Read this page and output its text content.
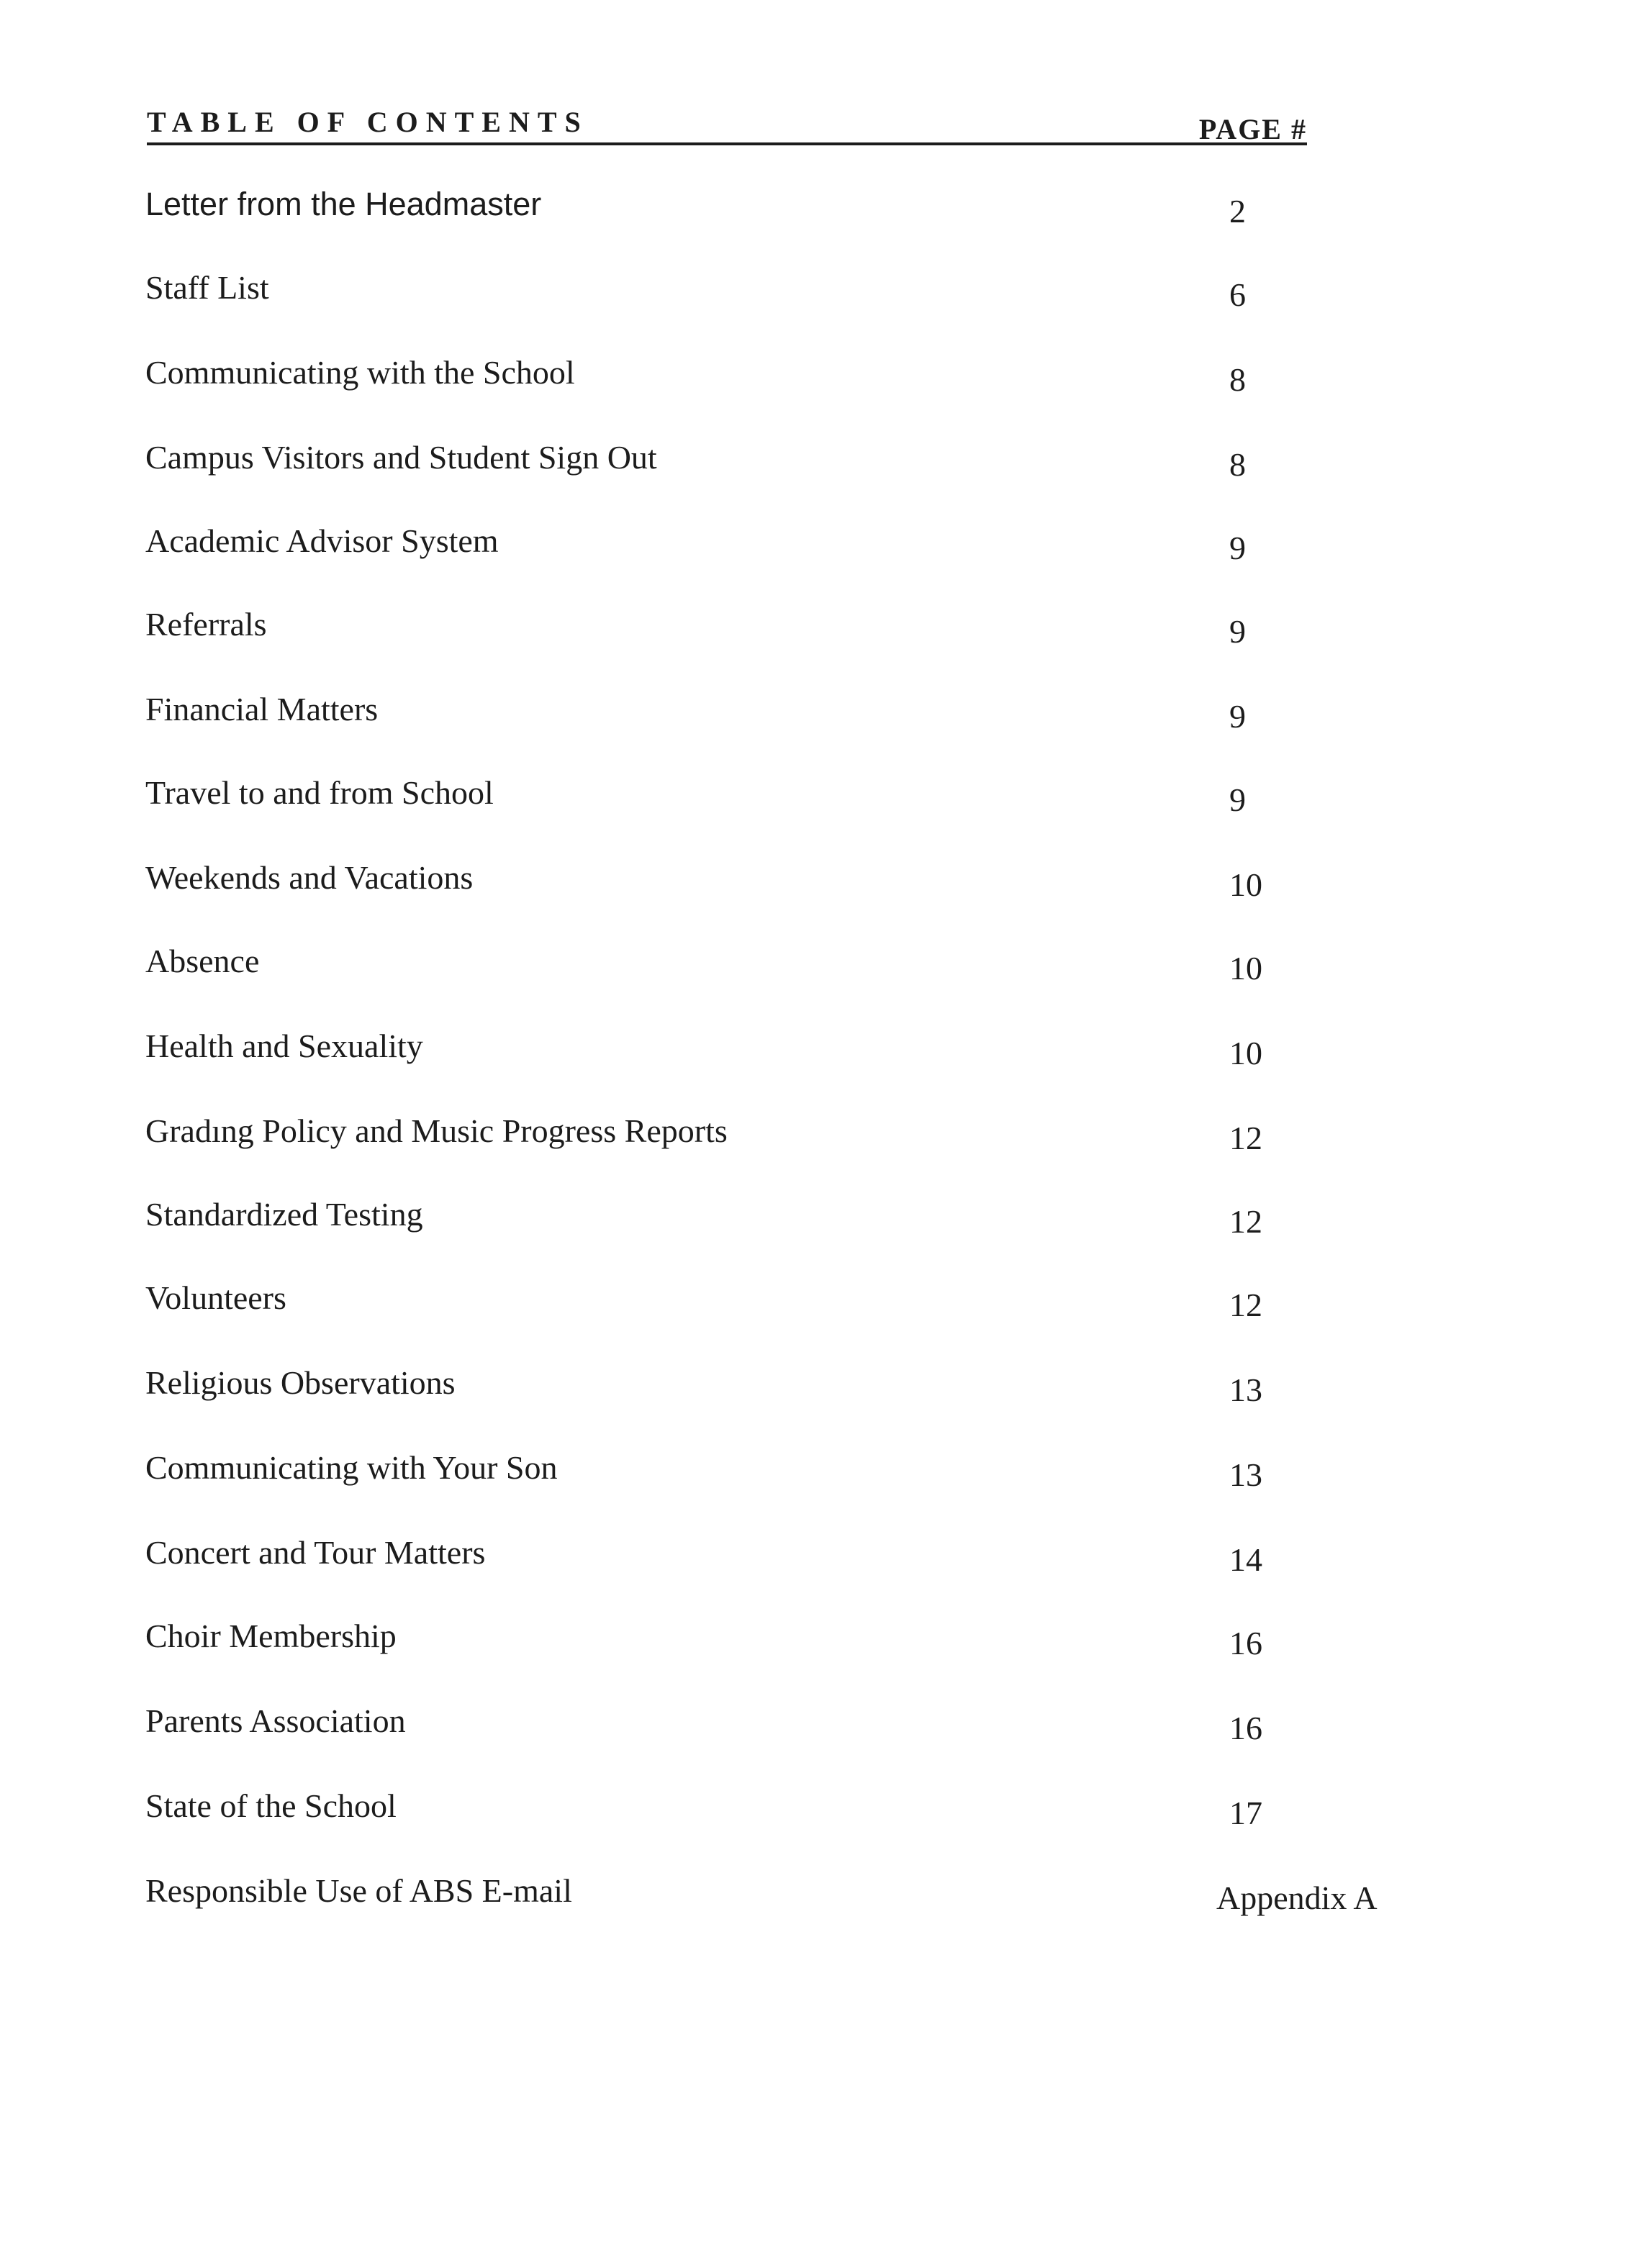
TABLE OF CONTENTS	PAGE #
Letter from the Headmaster	2
Staff List	6
Communicating with the School	8
Campus Visitors and Student Sign Out	8
Academic Advisor System	9
Referrals	9
Financial Matters	9
Travel to and from School	9
Weekends and Vacations	10
Absence	10
Health and Sexuality	10
Gradıng Policy and Music Progress Reports	12
Standardized Testing	12
Volunteers	12
Religious Observations	13
Communicating with Your Son	13
Concert and Tour Matters	14
Choir Membership	16
Parents Association	16
State of the School	17
Responsible Use of ABS E-mail	Appendix A
